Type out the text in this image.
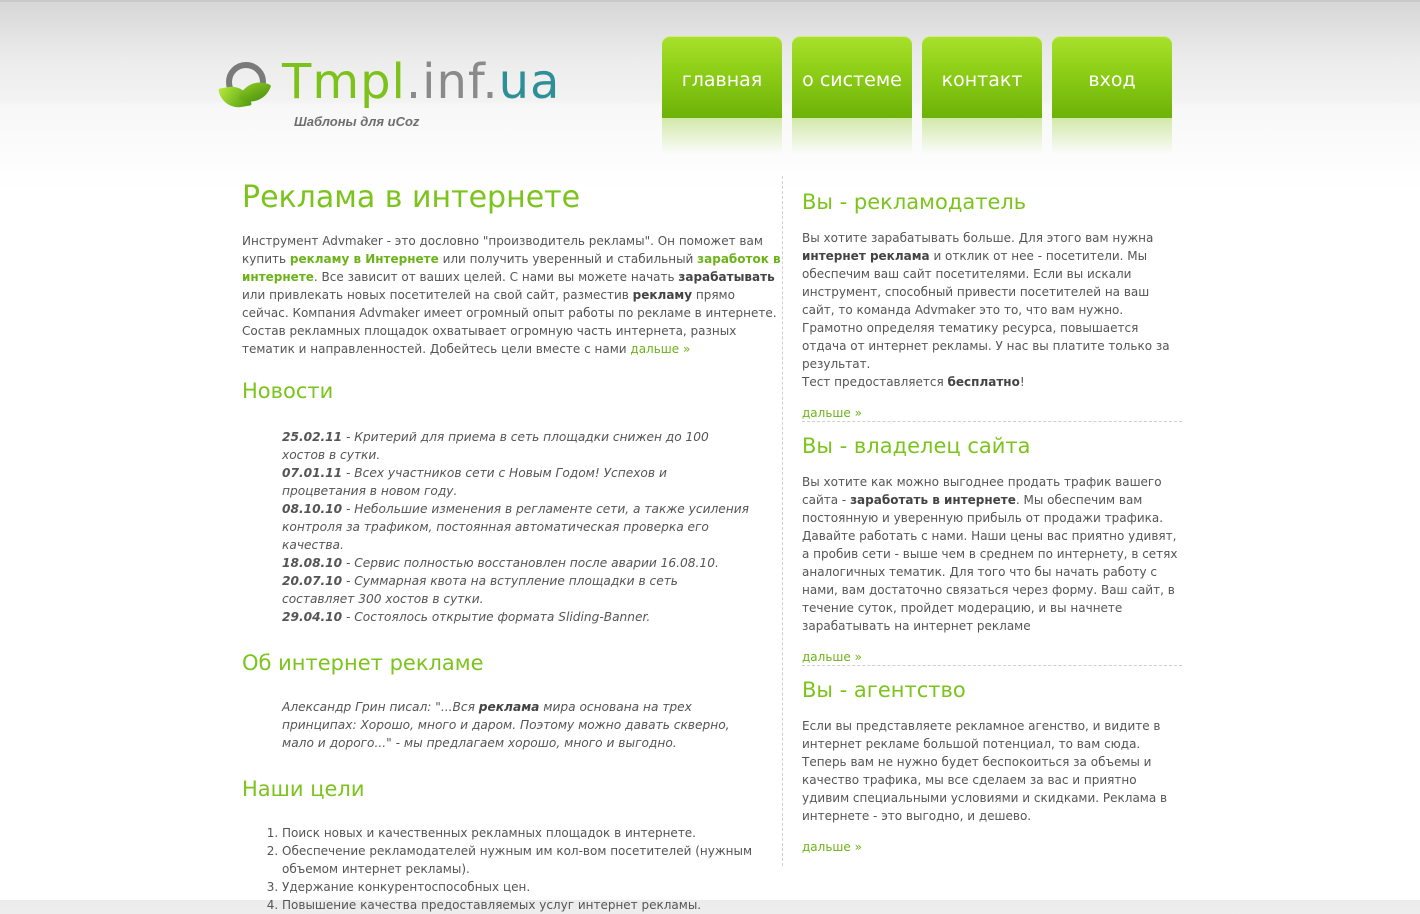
Tmpl.inf.ua
Шаблоны для uCoz
главная	о системе	контакт	вход
Реклама в интернете
Инструмент Advmaker - это дословно "производитель рекламы". Он поможет вам купить рекламу в Интернете или получить уверенный и стабильный заработок в интернете. Все зависит от ваших целей. С нами вы можете начать зарабатывать или привлекать новых посетителей на свой сайт, разместив рекламу прямо сейчас. Компания Advmaker имеет огромный опыт работы по рекламе в интернете. Состав рекламных площадок охватывает огромную часть интернета, разных тематик и направленностей. Добейтесь цели вместе с нами дальше »
Новости
25.02.11 - Критерий для приема в сеть площадки снижен до 100 хостов в сутки.
07.01.11 - Всех участников сети с Новым Годом! Успехов и процветания в новом году.
08.10.10 - Небольшие изменения в регламенте сети, а также усиления контроля за трафиком, постоянная автоматическая проверка его качества.
18.08.10 - Сервис полностью восстановлен после аварии 16.08.10.
20.07.10 - Суммарная квота на вступление площадки в сеть составляет 300 хостов в сутки.
29.04.10 - Состоялось открытие формата Sliding-Banner.
Об интернет рекламе
Александр Грин писал: "...Вся реклама мира основана на трех принципах: Хорошо, много и даром. Поэтому можно давать скверно, мало и дорого..." - мы предлагаем хорошо, много и выгодно.
Наши цели
1. Поиск новых и качественных рекламных площадок в интернете.
2. Обеспечение рекламодателей нужным им кол-вом посетителей (нужным объемом интернет рекламы).
3. Удержание конкурентоспособных цен.
4. Повышение качества предоставляемых услуг интернет рекламы.
Вы - рекламодатель
Вы хотите зарабатывать больше. Для этого вам нужна интернет реклама и отклик от нее - посетители. Мы обеспечим ваш сайт посетителями. Если вы искали инструмент, способный привести посетителей на ваш сайт, то команда Advmaker это то, что вам нужно. Грамотно определяя тематику ресурса, повышается отдача от интернет рекламы. У нас вы платите только за результат.
Тест предоставляется бесплатно!
дальше »
Вы - владелец сайта
Вы хотите как можно выгоднее продать трафик вашего сайта - заработать в интернете. Мы обеспечим вам постоянную и уверенную прибыль от продажи трафика. Давайте работать с нами. Наши цены вас приятно удивят, а пробив сети - выше чем в среднем по интернету, в сетях аналогичных тематик. Для того что бы начать работу с нами, вам достаточно связаться через форму. Ваш сайт, в течение суток, пройдет модерацию, и вы начнете зарабатывать на интернет рекламе
дальше »
Вы - агентство
Если вы представляете рекламное агенство, и видите в интернет рекламе большой потенциал, то вам сюда. Теперь вам не нужно будет беспокоиться за объемы и качество трафика, мы все сделаем за вас и приятно удивим специальными условиями и скидками. Реклама в интернете - это выгодно, и дешево.
дальше »
